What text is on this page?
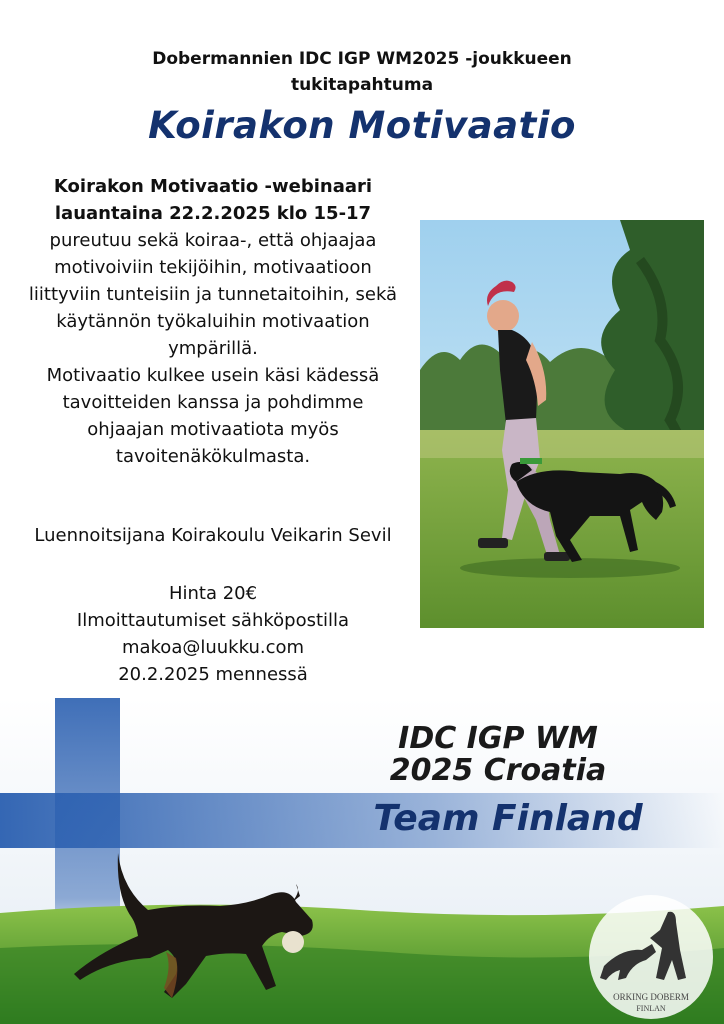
Dobermannien IDC IGP WM2025 -joukkueen
tukitapahtuma
Koirakon Motivaatio
Koirakon Motivaatio -webinaari
lauantaina 22.2.2025 klo 15-17
pureutuu sekä koiraa-, että ohjaajaa
motivoiviin tekijöihin, motivaatioon
liittyviin tunteisiin ja tunnetaitoihin, sekä
käytännön työkaluihin motivaation
ympärillä.
Motivaatio kulkee usein käsi kädessä
tavoitteiden kanssa ja pohdimme
ohjaajan motivaatiota myös
tavoitenäkökulmasta.
Luennoitsijana Koirakoulu Veikarin Sevil
Hinta 20€
Ilmoittautumiset sähköpostilla
makoa@luukku.com
20.2.2025 mennessä
ORKING DOBERM
FINLAN
IDC IGP WM
2025 Croatia
Team Finland
